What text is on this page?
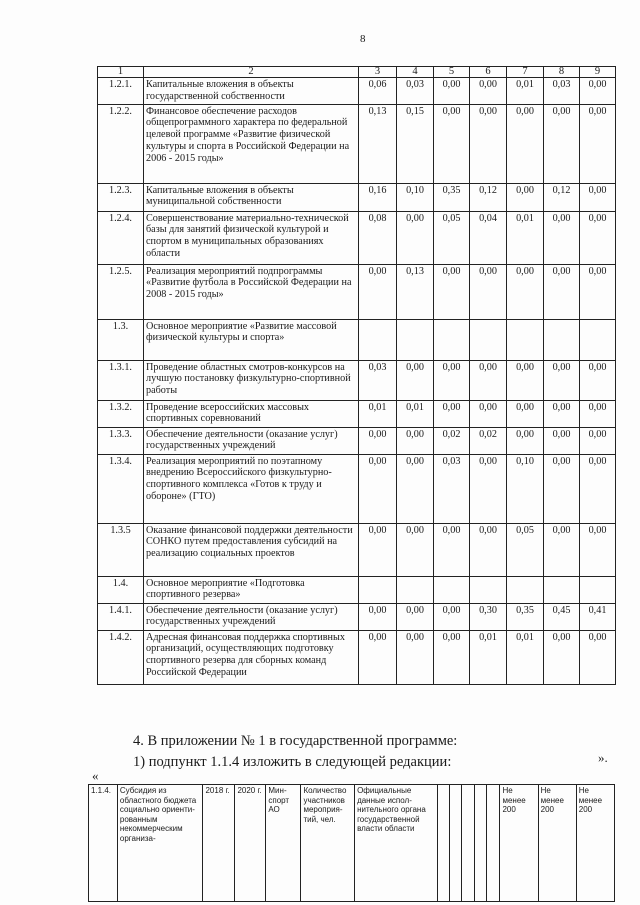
8
1	2	3	4	5	6	7	8	9
1.2.1.	Капитальные вложения в объекты государственной собственности	0,06	0,03	0,00	0,00	0,01	0,03	0,00
1.2.2.	Финансовое обеспечение расходов общепрограммного характера по федеральной целевой программе «Развитие физической культуры и спорта в Российской Федерации на 2006 - 2015 годы»	0,13	0,15	0,00	0,00	0,00	0,00	0,00
1.2.3.	Капитальные вложения в объекты муниципальной собственности	0,16	0,10	0,35	0,12	0,00	0,12	0,00
1.2.4.	Совершенствование материально-технической базы для занятий физической культурой и спортом в муниципальных образованиях области	0,08	0,00	0,05	0,04	0,01	0,00	0,00
1.2.5.	Реализация мероприятий подпрограммы «Развитие футбола в Российской Федерации на 2008 - 2015 годы»	0,00	0,13	0,00	0,00	0,00	0,00	0,00
1.3.	Основное мероприятие «Развитие массовой физической культуры и спорта»							
1.3.1.	Проведение областных смотров-конкурсов на лучшую постановку физкультурно-спортивной работы	0,03	0,00	0,00	0,00	0,00	0,00	0,00
1.3.2.	Проведение всероссийских массовых спортивных соревнований	0,01	0,01	0,00	0,00	0,00	0,00	0,00
1.3.3.	Обеспечение деятельности (оказание услуг) государственных учреждений	0,00	0,00	0,02	0,02	0,00	0,00	0,00
1.3.4.	Реализация мероприятий по поэтапному внедрению Всероссийского физкультурно-спортивного комплекса «Готов к труду и обороне» (ГТО)	0,00	0,00	0,03	0,00	0,10	0,00	0,00
1.3.5	Оказание финансовой поддержки деятельности СОНКО путем предоставления субсидий на реализацию социальных проектов	0,00	0,00	0,00	0,00	0,05	0,00	0,00
1.4.	Основное мероприятие «Подготовка спортивного резерва»							
1.4.1.	Обеспечение деятельности (оказание услуг) государственных учреждений	0,00	0,00	0,00	0,30	0,35	0,45	0,41
1.4.2.	Адресная финансовая поддержка спортивных организаций, осуществляющих подготовку спортивного резерва для сборных команд Российской Федерации	0,00	0,00	0,00	0,01	0,01	0,00	0,00
».
4. В приложении № 1 в государственной программе:
1) подпункт 1.1.4 изложить в следующей редакции:
«
1.1.4.	Субсидия из областного бюджета социально ориентированным некоммерческим организа-	2018 г.	2020 г.	Минспорт АО	Количество участников мероприятий, чел.	Официальные данные исполнительного органа государственной власти области						Не менее 200	Не менее 200	Не менее 200
